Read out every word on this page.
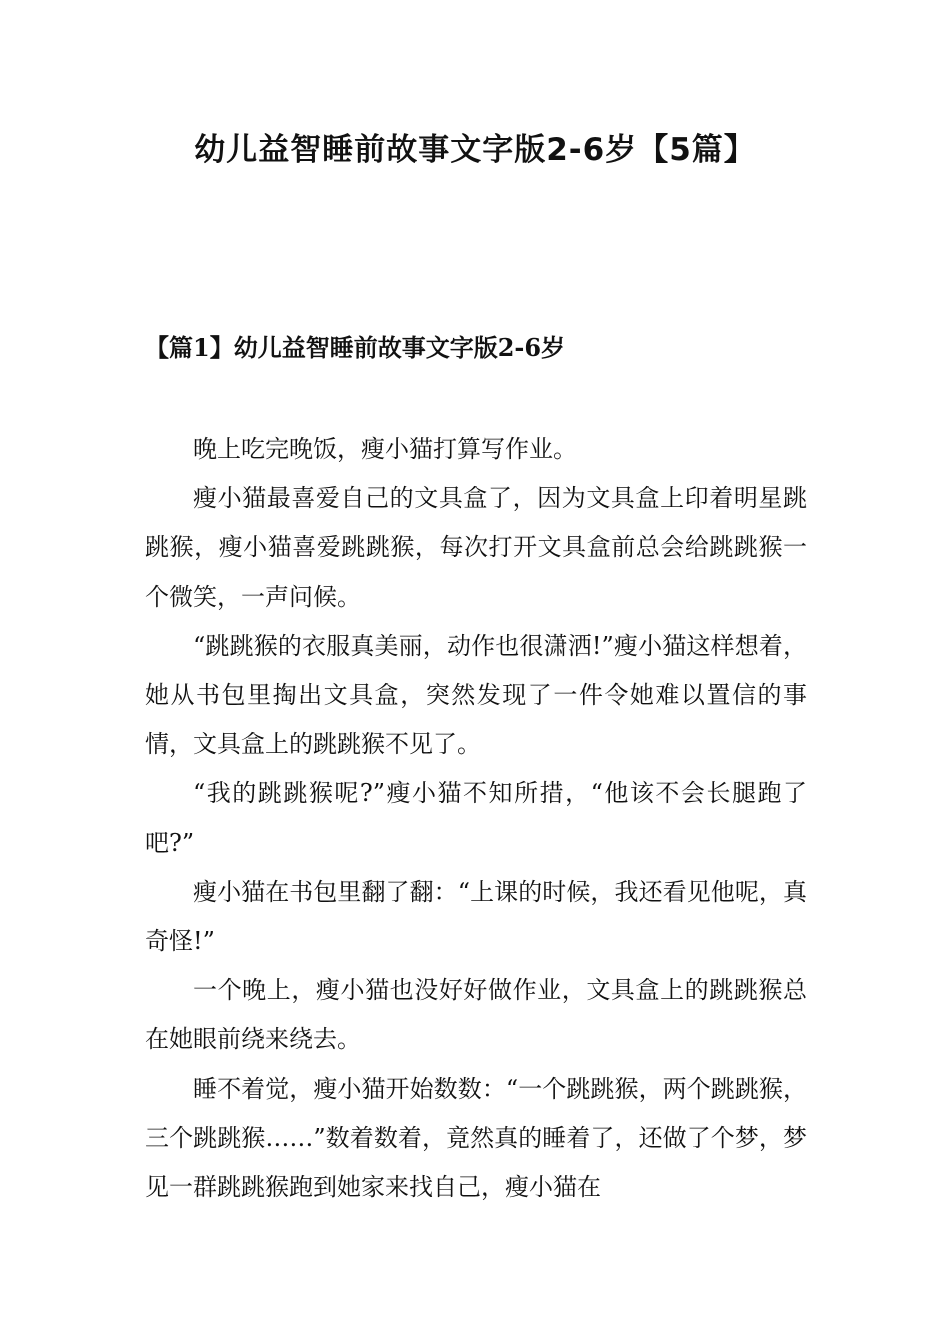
幼儿益智睡前故事文字版2-6岁【5篇】
【篇1】幼儿益智睡前故事文字版2-6岁

晚上吃完晚饭，瘦小猫打算写作业。

瘦小猫最喜爱自己的文具盒了，因为文具盒上印着明星跳跳猴，瘦小猫喜爱跳跳猴，每次打开文具盒前总会给跳跳猴一个微笑，一声问候。

“跳跳猴的衣服真美丽，动作也很潇洒!”瘦小猫这样想着，她从书包里掏出文具盒，突然发现了一件令她难以置信的事情，文具盒上的跳跳猴不见了。

“我的跳跳猴呢?”瘦小猫不知所措，“他该不会长腿跑了吧?”

瘦小猫在书包里翻了翻：“上课的时候，我还看见他呢，真奇怪!”

一个晚上，瘦小猫也没好好做作业，文具盒上的跳跳猴总在她眼前绕来绕去。

睡不着觉，瘦小猫开始数数：“一个跳跳猴，两个跳跳猴，三个跳跳猴……”数着数着，竟然真的睡着了，还做了个梦，梦见一群跳跳猴跑到她家来找自己，瘦小猫在
